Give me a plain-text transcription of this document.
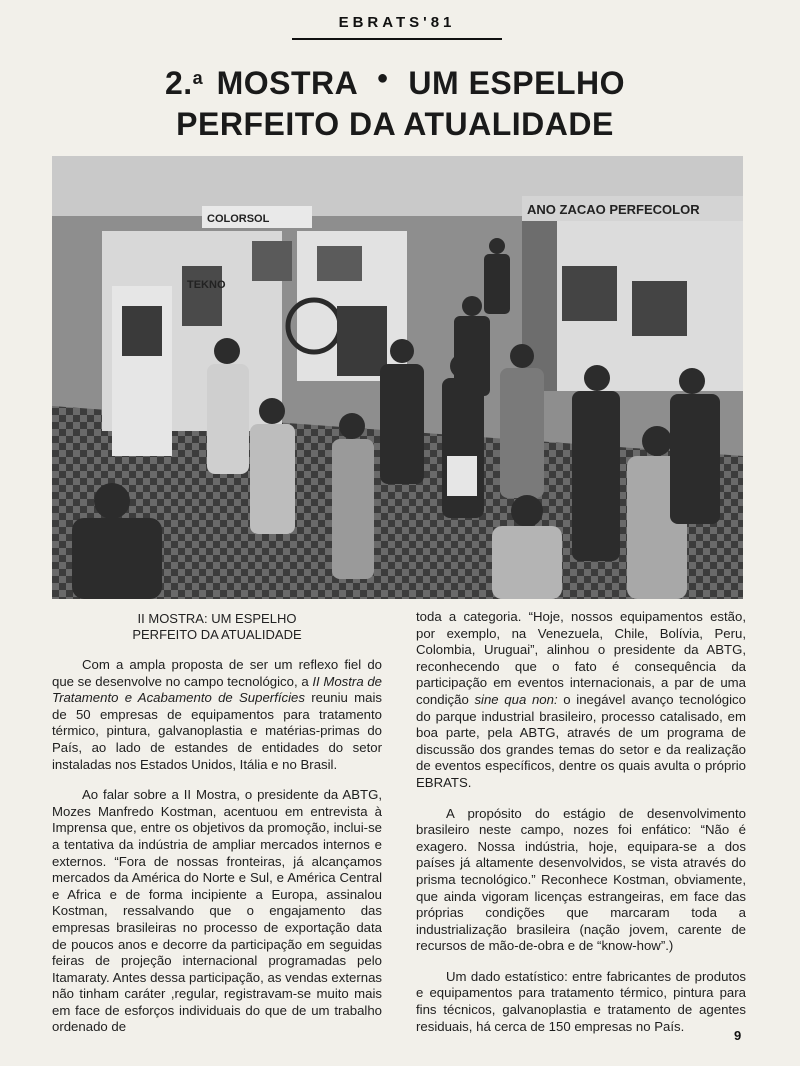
EBRATS'81
2.$^a$ MOSTRA ● UM ESPELHO
PERFEITO DA ATUALIDADE
COLORSOL
TEKNO
ANO ZACAO PERFECOLOR
II MOSTRA: UM ESPELHO
PERFEITO DA ATUALIDADE

Com a ampla proposta de ser um reflexo fiel do que se desenvolve no campo tecnológico, a II Mostra de Tratamento e Acabamento de Superfícies reuniu mais de 50 empresas de equipamentos para tratamento térmico, pintura, galvanoplastia e matérias-primas do País, ao lado de estandes de entidades do setor instaladas nos Estados Unidos, Itália e no Brasil.

Ao falar sobre a II Mostra, o presidente da ABTG, Mozes Manfredo Kostman, acentuou em entrevista à Imprensa que, entre os objetivos da promoção, inclui-se a tentativa da indústria de ampliar mercados internos e externos. “Fora de nossas fronteiras, já alcançamos mercados da América do Norte e Sul, e América Central e Africa e de forma incipiente a Europa, assinalou Kostman, ressalvando que o engajamento das empresas brasileiras no processo de exportação data de poucos anos e decorre da participação em seguidas feiras de projeção internacional programadas pelo Itamaraty. Antes dessa participação, as vendas externas não tinham caráter ,regular, registravam-se muito mais em face de esforços individuais do que de um trabalho ordenado de

toda a categoria. “Hoje, nossos equipamentos estão, por exemplo, na Venezuela, Chile, Bolívia, Peru, Colombia, Uruguai”, alinhou o presidente da ABTG, reconhecendo que o fato é consequência da participação em eventos internacionais, a par de uma condição sine qua non: o inegável avanço tecnológico do parque industrial brasileiro, processo catalisado, em boa parte, pela ABTG, através de um programa de discussão dos grandes temas do setor e da realização de eventos específicos, dentre os quais avulta o próprio EBRATS.

A propósito do estágio de desenvolvimento brasileiro neste campo, nozes foi enfático: “Não é exagero. Nossa indústria, hoje, equipara-se a dos países já altamente desenvolvidos, se vista através do prisma tecnológico.” Reconhece Kostman, obviamente, que ainda vigoram licenças estrangeiras, em face das próprias condições que marcaram toda a industrialização brasileira (nação jovem, carente de recursos de mão-de-obra e de “know-how”.)

Um dado estatístico: entre fabricantes de produtos e equipamentos para tratamento térmico, pintura para fins técnicos, galvanoplastia e tratamento de agentes residuais, há cerca de 150 empresas no País.

9
